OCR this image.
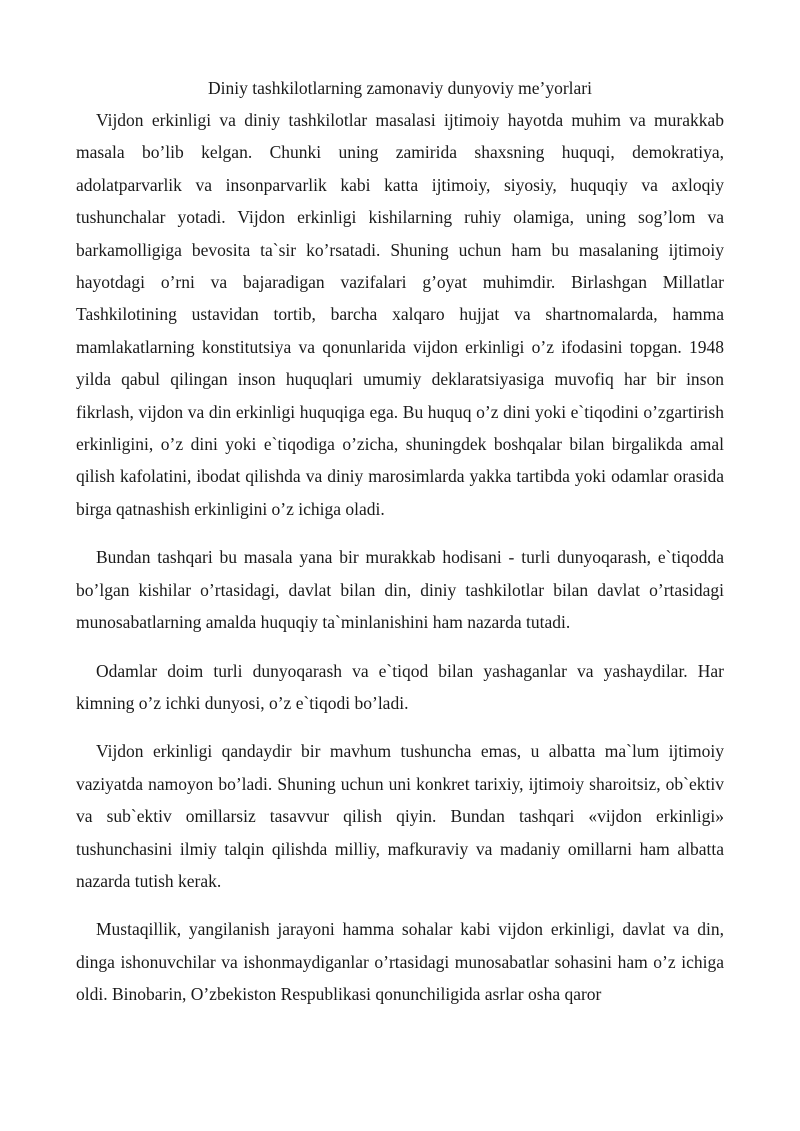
Diniy tashkilotlarning zamonaviy dunyoviy me’yorlari

Vijdon erkinligi va diniy tashkilotlar masalasi ijtimoiy hayotda muhim va murakkab masala bo’lib kelgan. Chunki uning zamirida shaxsning huquqi, demokratiya, adolatparvarlik va insonparvarlik kabi katta ijtimoiy, siyosiy, huquqiy va axloqiy tushunchalar yotadi. Vijdon erkinligi kishilarning ruhiy olamiga, uning sog’lom va barkamolligiga bevosita ta`sir ko’rsatadi. Shuning uchun ham bu masalaning ijtimoiy hayotdagi o’rni va bajaradigan vazifalari g’oyat muhimdir. Birlashgan Millatlar Tashkilotining ustavidan tortib, barcha xalqaro hujjat va shartnomalarda, hamma mamlakatlarning konstitutsiya va qonunlarida vijdon erkinligi o’z ifodasini topgan. 1948 yilda qabul qilingan inson huquqlari umumiy deklaratsiyasiga muvofiq har bir inson fikrlash, vijdon va din erkinligi huquqiga ega. Bu huquq o’z dini yoki e`tiqodini o’zgartirish erkinligini, o’z dini yoki e`tiqodiga o’zicha, shuningdek boshqalar bilan birgalikda amal qilish kafolatini, ibodat qilishda va diniy marosimlarda yakka tartibda yoki odamlar orasida birga qatnashish erkinligini o’z ichiga oladi.

Bundan tashqari bu masala yana bir murakkab hodisani - turli dunyoqarash, e`tiqodda bo’lgan kishilar o’rtasidagi, davlat bilan din, diniy tashkilotlar bilan davlat o’rtasidagi munosabatlarning amalda huquqiy ta`minlanishini ham nazarda tutadi.

Odamlar doim turli dunyoqarash va e`tiqod bilan yashaganlar va yashaydilar. Har kimning o’z ichki dunyosi, o’z e`tiqodi bo’ladi.

Vijdon erkinligi qandaydir bir mavhum tushuncha emas, u albatta ma`lum ijtimoiy vaziyatda namoyon bo’ladi. Shuning uchun uni konkret tarixiy, ijtimoiy sharoitsiz, ob`ektiv va sub`ektiv omillarsiz tasavvur qilish qiyin. Bundan tashqari «vijdon erkinligi» tushunchasini ilmiy talqin qilishda milliy, mafkuraviy va madaniy omillarni ham albatta nazarda tutish kerak.

Mustaqillik, yangilanish jarayoni hamma sohalar kabi vijdon erkinligi, davlat va din, dinga ishonuvchilar va ishonmaydiganlar o’rtasidagi munosabatlar sohasini ham o’z ichiga oldi. Binobarin, O’zbekiston Respublikasi qonunchiligida asrlar osha qaror
